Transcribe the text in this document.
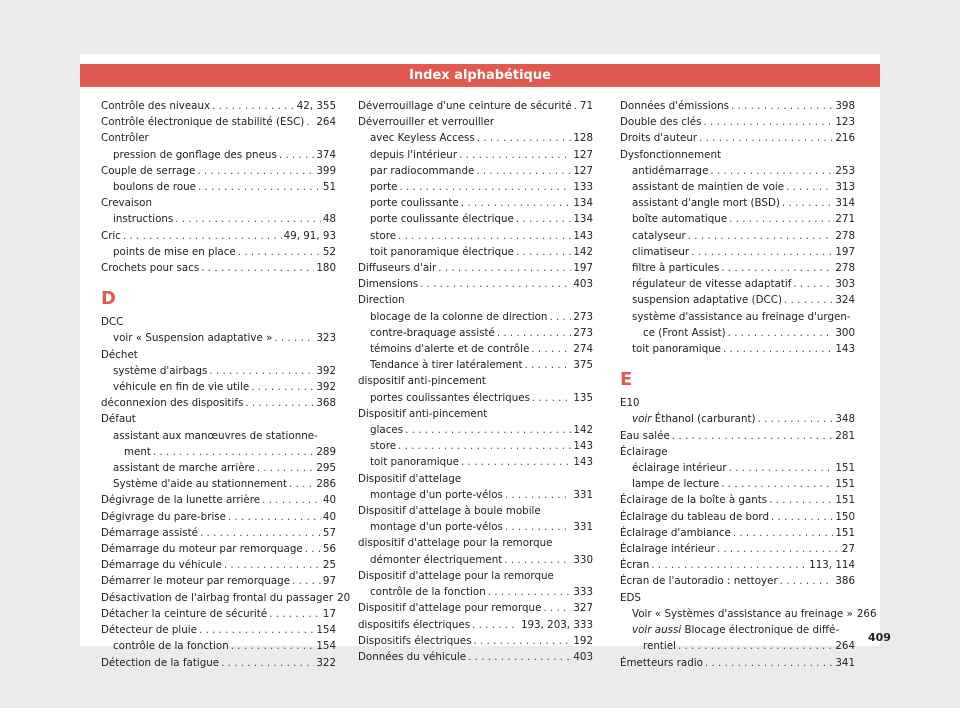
Index alphabétique
Contrôle des niveaux . . .	42, 355
Contrôle électronique de stabilité (ESC) . . . 264
Contrôler
pression de gonflage des pneus . . .	374
Couple de serrage . . .	399
boulons de roue . . .	51
Crevaison
instructions . . .	48
Cric . . .	49, 91, 93
points de mise en place . . .	52
Crochets pour sacs . . .	180
D
DCC
voir « Suspension adaptative » . . .	323
Déchet
système d'airbags . . .	392
véhicule en fin de vie utile . . .	392
déconnexion des dispositifs . . .	368
Défaut
assistant aux manœuvres de stationne-
ment . . .	289
assistant de marche arrière . . .	295
Système d'aide au stationnement . . .	286
Dégivrage de la lunette arrière . . .	40
Dégivrage du pare-brise . . .	40
Démarrage assisté . . .	57
Démarrage du moteur par remorquage . . . 56
Démarrage du véhicule . . .	25
Démarrer le moteur par remorquage . . .	97
Désactivation de l'airbag frontal du passager 20
Détacher la ceinture de sécurité . . .	17
Détecteur de pluie . . .	154
contrôle de la fonction . . .	154
Détection de la fatigue . . .	322
Déverrouillage d'une ceinture de sécurité . . . 71
Déverrouiller et verrouiller
avec Keyless Access . . .	128
depuis l'intérieur . . .	127
par radiocommande . . .	127
porte . . .	133
porte coulissante . . .	134
porte coulissante électrique . . .	134
store . . .	143
toit panoramique électrique . . .	142
Diffuseurs d'air . . .	197
Dimensions . . .	403
Direction
blocage de la colonne de direction . . .	273
contre-braquage assisté . . .	273
témoins d'alerte et de contrôle . . .	274
Tendance à tirer latéralement . . .	375
dispositif anti-pincement
portes coulissantes électriques . . .	135
Dispositif anti-pincement
glaces . . .	142
store . . .	143
toit panoramique . . .	143
Dispositif d'attelage
montage d'un porte-vélos . . .	331
Dispositif d'attelage à boule mobile
montage d'un porte-vélos . . .	331
dispositif d'attelage pour la remorque
démonter électriquement . . .	330
Dispositif d'attelage pour la remorque
contrôle de la fonction . . .	333
Dispositif d'attelage pour remorque . . .	327
dispositifs électriques . . .	193, 203, 333
Dispositifs électriques . . .	192
Données du véhicule . . .	403
Données d'émissions . . .	398
Double des clés . . .	123
Droits d'auteur . . .	216
Dysfonctionnement
antidémarrage . . .	253
assistant de maintien de voie . . .	313
assistant d'angle mort (BSD) . . .	314
boîte automatique . . .	271
catalyseur . . .	278
climatiseur . . .	197
filtre à particules . . .	278
régulateur de vitesse adaptatif . . .	303
suspension adaptative (DCC) . . .	324
système d'assistance au freinage d'urgen-
ce (Front Assist) . . .	300
toit panoramique . . .	143
E
E10
voir Éthanol (carburant) . . .	348
Eau salée . . .	281
Éclairage
éclairage intérieur . . .	151
lampe de lecture . . .	151
Éclairage de la boîte à gants . . .	151
Éclairage du tableau de bord . . .	150
Éclairage d'ambiance . . .	151
Éclairage intérieur . . .	27
Écran . . .	113, 114
Écran de l'autoradio : nettoyer . . .	386
EDS
Voir « Systèmes d'assistance au freinage » 266
voir aussi Blocage électronique de diffé-
rentiel . . .	264
Émetteurs radio . . .	341
409
